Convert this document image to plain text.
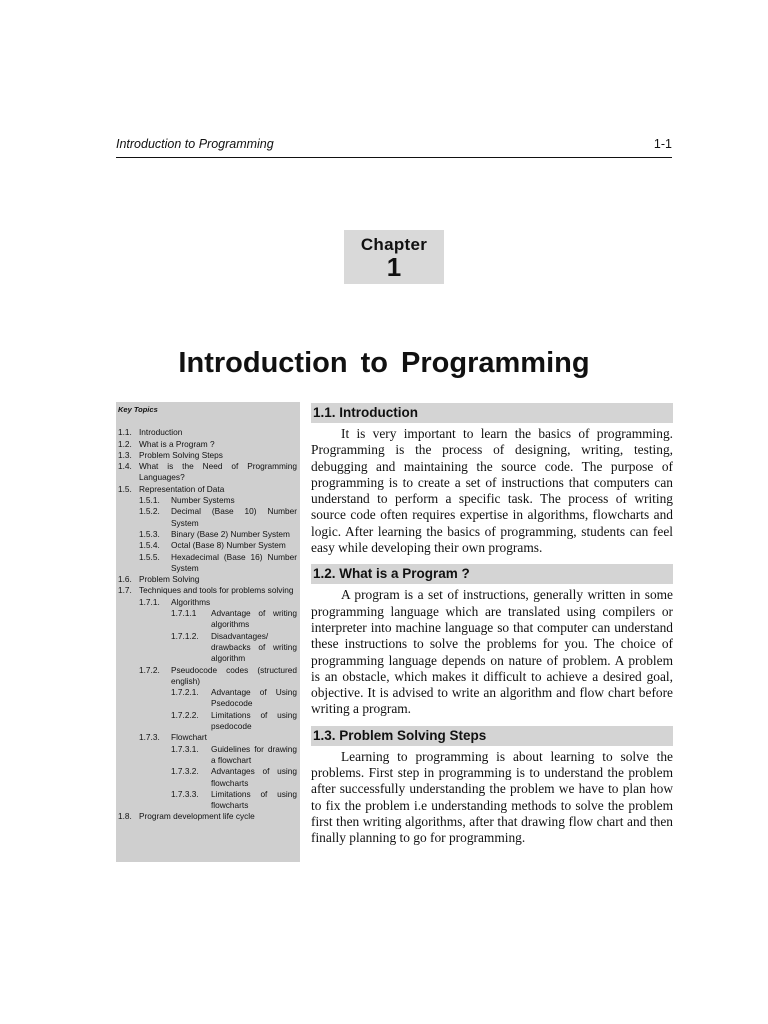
Introduction to Programming	1-1
Chapter
1
Introduction to Programming
Key Topics
1.1. Introduction
1.2. What is a Program ?
1.3. Problem Solving Steps
1.4. What is the Need of Programming Languages?
1.5. Representation of Data
1.5.1.	Number Systems
1.5.2.	Decimal (Base 10) Number System
1.5.3.	Binary (Base 2) Number System
1.5.4.	Octal (Base 8) Number System
1.5.5.	Hexadecimal (Base 16) Number System
1.6. Problem Solving
1.7. Techniques and tools for problems solving
1.7.1.	Algorithms
1.7.1.1	Advantage of writing algorithms
1.7.1.2.	Disadvantages/ drawbacks of writing algorithm
1.7.2.	Pseudocode codes (structured english)
1.7.2.1.	Advantage of Using Psedocode
1.7.2.2.	Limitations of using psedocode
1.7.3.	Flowchart
1.7.3.1.	Guidelines for drawing a flowchart
1.7.3.2.	Advantages of using flowcharts
1.7.3.3.	Limitations of using flowcharts
1.8. Program development life cycle
1.1. Introduction

It is very important to learn the basics of programming. Programming is the process of designing, writing, testing, debugging and maintaining the source code. The purpose of programming is to create a set of instructions that computers can understand to perform a specific task. The process of writing source code often requires expertise in algorithms, flowcharts and logic. After learning the basics of programming, students can feel easy while developing their own programs.

1.2. What is a Program ?

A program is a set of instructions, generally written in some programming language which are translated using compilers or interpreter into machine language so that computer can understand these instructions to solve the problems for you. The choice of programming language depends on nature of problem. A problem is an obstacle, which makes it difficult to achieve a desired goal, objective. It is advised to write an algorithm and flow chart before writing a program.

1.3. Problem Solving Steps

Learning to programming is about learning to solve the problems. First step in programming is to understand the problem after successfully understanding the problem we have to plan how to fix the problem i.e understanding methods to solve the problem first then writing algorithms, after that drawing flow chart and then finally planning to go for programming.
